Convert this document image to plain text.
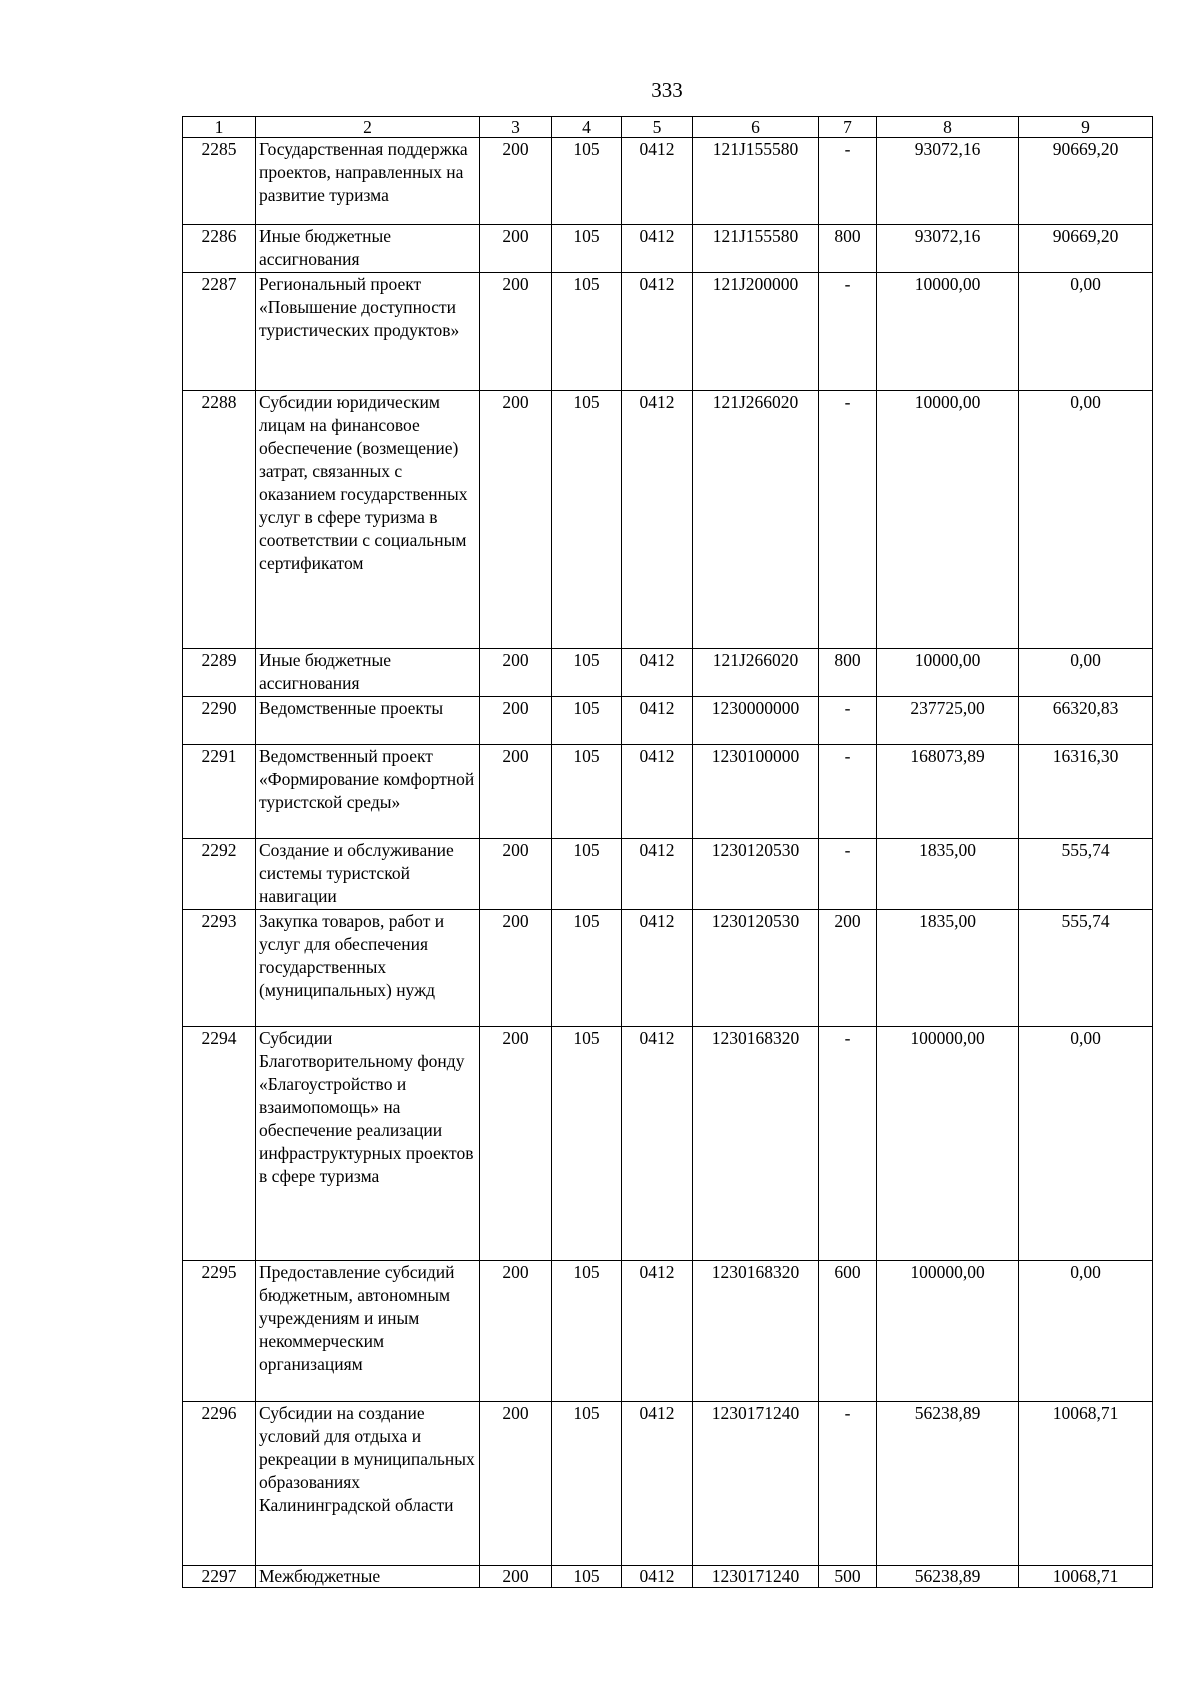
333
1	2	3	4	5	6	7	8	9
2285	Государственная поддержка проектов, направленных на развитие туризма	200	105	0412	121J155580	-	93072,16	90669,20
2286	Иные бюджетные ассигнования	200	105	0412	121J155580	800	93072,16	90669,20
2287	Региональный проект «Повышение доступности туристических продуктов»	200	105	0412	121J200000	-	10000,00	0,00
2288	Субсидии юридическим лицам на финансовое обеспечение (возмещение) затрат, связанных с оказанием государственных услуг в сфере туризма в соответствии с социальным сертификатом	200	105	0412	121J266020	-	10000,00	0,00
2289	Иные бюджетные ассигнования	200	105	0412	121J266020	800	10000,00	0,00
2290	Ведомственные проекты	200	105	0412	1230000000	-	237725,00	66320,83
2291	Ведомственный проект «Формирование комфортной туристской среды»	200	105	0412	1230100000	-	168073,89	16316,30
2292	Создание и обслуживание системы туристской навигации	200	105	0412	1230120530	-	1835,00	555,74
2293	Закупка товаров, работ и услуг для обеспечения государственных (муниципальных) нужд	200	105	0412	1230120530	200	1835,00	555,74
2294	Субсидии Благотворительному фонду «Благоустройство и взаимопомощь» на обеспечение реализации инфраструктурных проектов в сфере туризма	200	105	0412	1230168320	-	100000,00	0,00
2295	Предоставление субсидий бюджетным, автономным учреждениям и иным некоммерческим организациям	200	105	0412	1230168320	600	100000,00	0,00
2296	Субсидии на создание условий для отдыха и рекреации в муниципальных образованиях Калининградской области	200	105	0412	1230171240	-	56238,89	10068,71
2297	Межбюджетные	200	105	0412	1230171240	500	56238,89	10068,71
